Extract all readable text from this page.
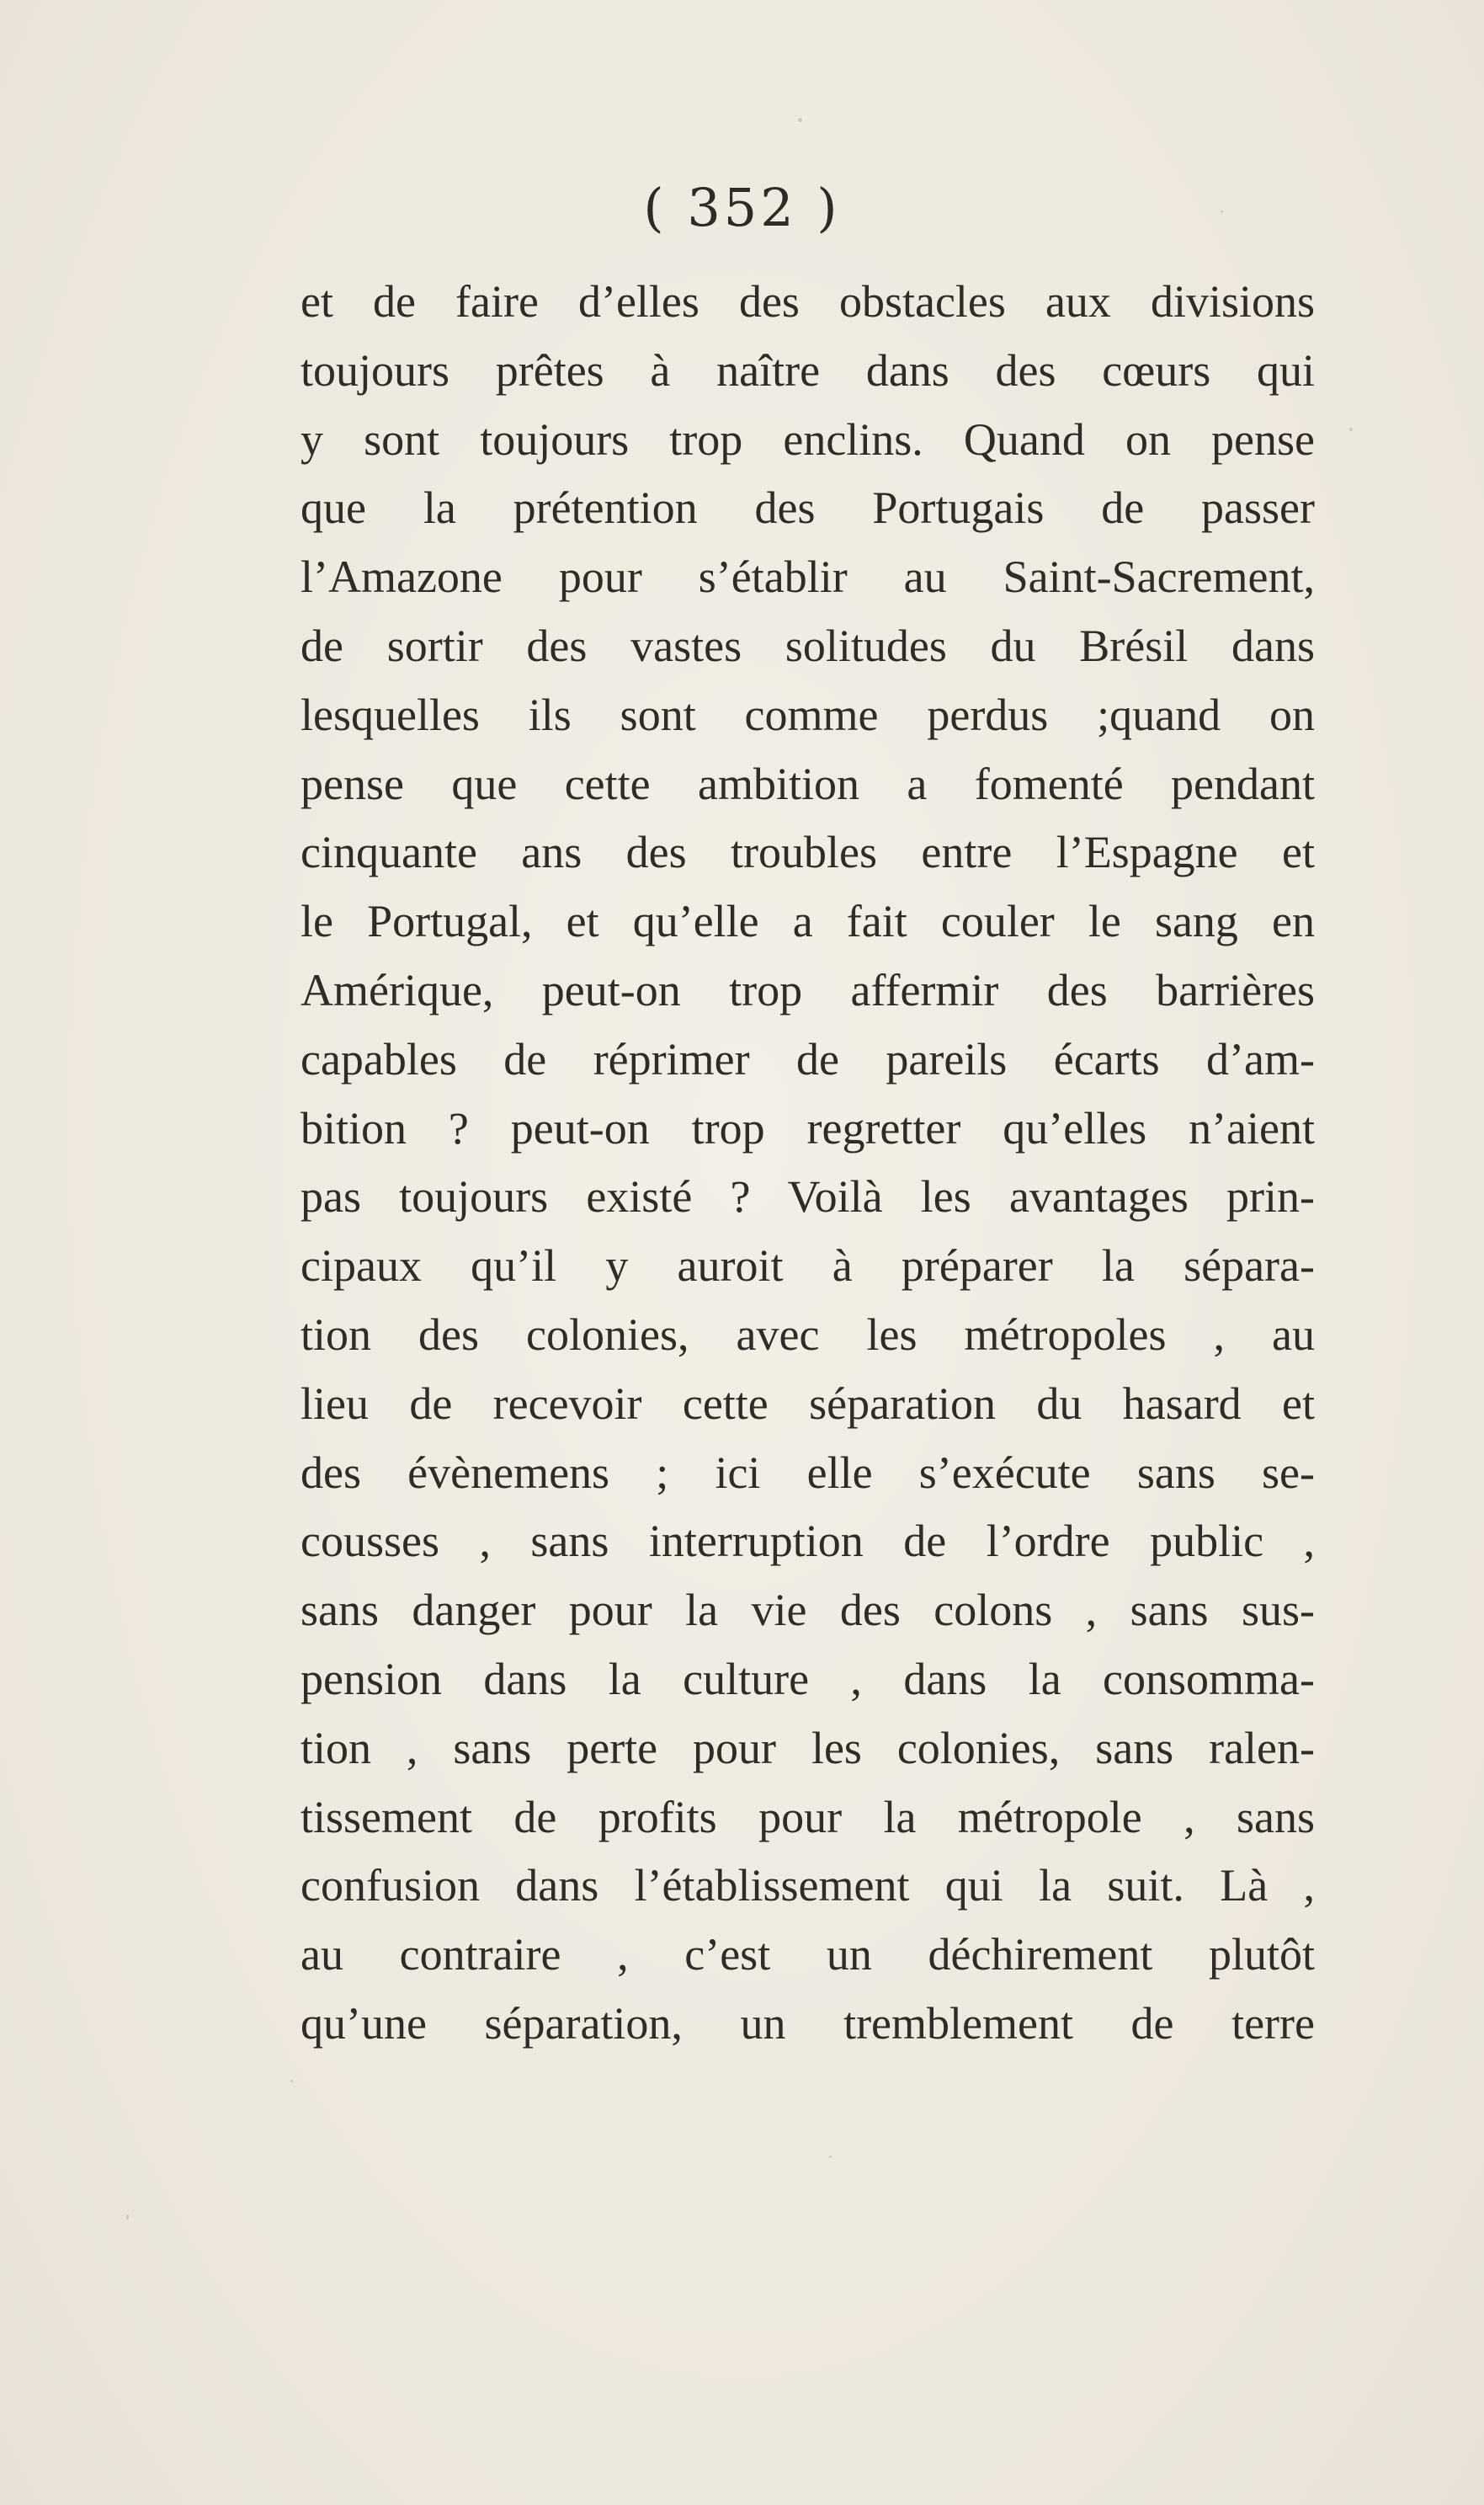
( 352 )
et de faire d’elles des obstacles aux divisions
toujours prêtes à naître dans des cœurs qui
y sont toujours trop enclins. Quand on pense
que la prétention des Portugais de passer
l’Amazone pour s’établir au Saint-Sacrement,
de sortir des vastes solitudes du Brésil dans
lesquelles ils sont comme perdus ;quand on
pense que cette ambition a fomenté pendant
cinquante ans des troubles entre l’Espagne et
le Portugal, et qu’elle a fait couler le sang en
Amérique, peut-on trop affermir des barrières
capables de réprimer de pareils écarts d’am-
bition ? peut-on trop regretter qu’elles n’aient
pas toujours existé ? Voilà les avantages prin-
cipaux qu’il y auroit à préparer la sépara-
tion des colonies, avec les métropoles , au
lieu de recevoir cette séparation du hasard et
des évènemens ; ici elle s’exécute sans se-
cousses , sans interruption de l’ordre public ,
sans danger pour la vie des colons , sans sus-
pension dans la culture , dans la consomma-
tion , sans perte pour les colonies, sans ralen-
tissement de profits pour la métropole , sans
confusion dans l’établissement qui la suit. Là ,
au contraire , c’est un déchirement plutôt
qu’une séparation, un tremblement de terre
